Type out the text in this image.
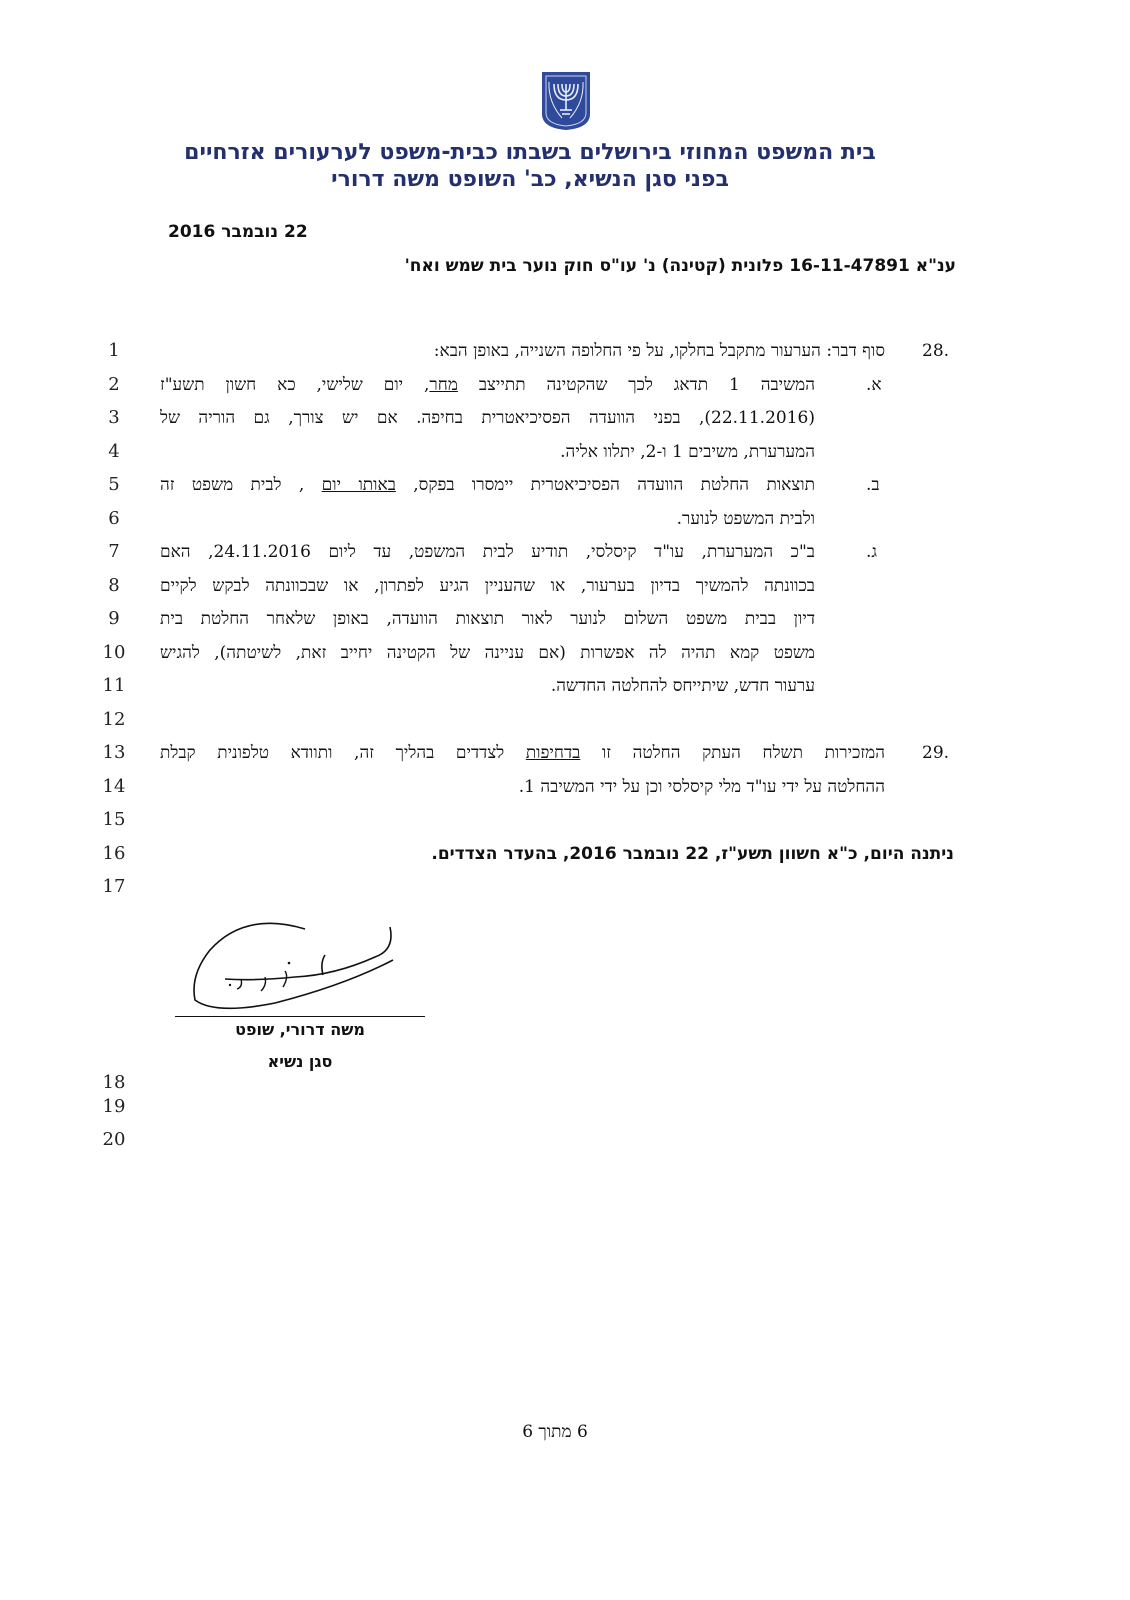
בית המשפט המחוזי בירושלים בשבתו כבית-משפט לערעורים אזרחיים
בפני סגן הנשיא, כב' השופט משה דרורי
22 נובמבר 2016
ענ"א 16-11-47891 פלונית (קטינה) נ' עו"ס חוק נוער בית שמש ואח'
1
2
3
4
5
6
7
8
9
10
11
12
13
14
15
16
17
18
19
20
28.
סוף דבר: הערעור מתקבל בחלקו, על פי החלופה השנייה, באופן הבא:
א.
המשיבה 1 תדאג לכך שהקטינה תתייצב מחר, יום שלישי, כא חשון תשע"ז
(22.11.2016), בפני הוועדה הפסיכיאטרית בחיפה. אם יש צורך, גם הוריה של
המערערת, משיבים 1 ו-2, יתלוו אליה.
ב.
תוצאות החלטת הוועדה הפסיכיאטרית יימסרו בפקס, באותו יום , לבית משפט זה
ולבית המשפט לנוער.
ג.
ב"כ המערערת, עו"ד קיסלסי, תודיע לבית המשפט, עד ליום 24.11.2016, האם
בכוונתה להמשיך בדיון בערעור, או שהעניין הגיע לפתרון, או שבכוונתה לבקש לקיים
דיון בבית משפט השלום לנוער לאור תוצאות הוועדה, באופן שלאחר החלטת בית
משפט קמא תהיה לה אפשרות (אם עניינה של הקטינה יחייב זאת, לשיטתה), להגיש
ערעור חדש, שיתייחס להחלטה החדשה.
29.
המזכירות תשלח העתק החלטה זו בדחיפות לצדדים בהליך זה, ותוודא טלפונית קבלת
ההחלטה על ידי עו"ד מלי קיסלסי וכן על ידי המשיבה 1.
ניתנה היום, כ"א חשוון תשע"ז, 22 נובמבר 2016, בהעדר הצדדים.
משה דרורי, שופט
סגן נשיא
6 מתוך 6
